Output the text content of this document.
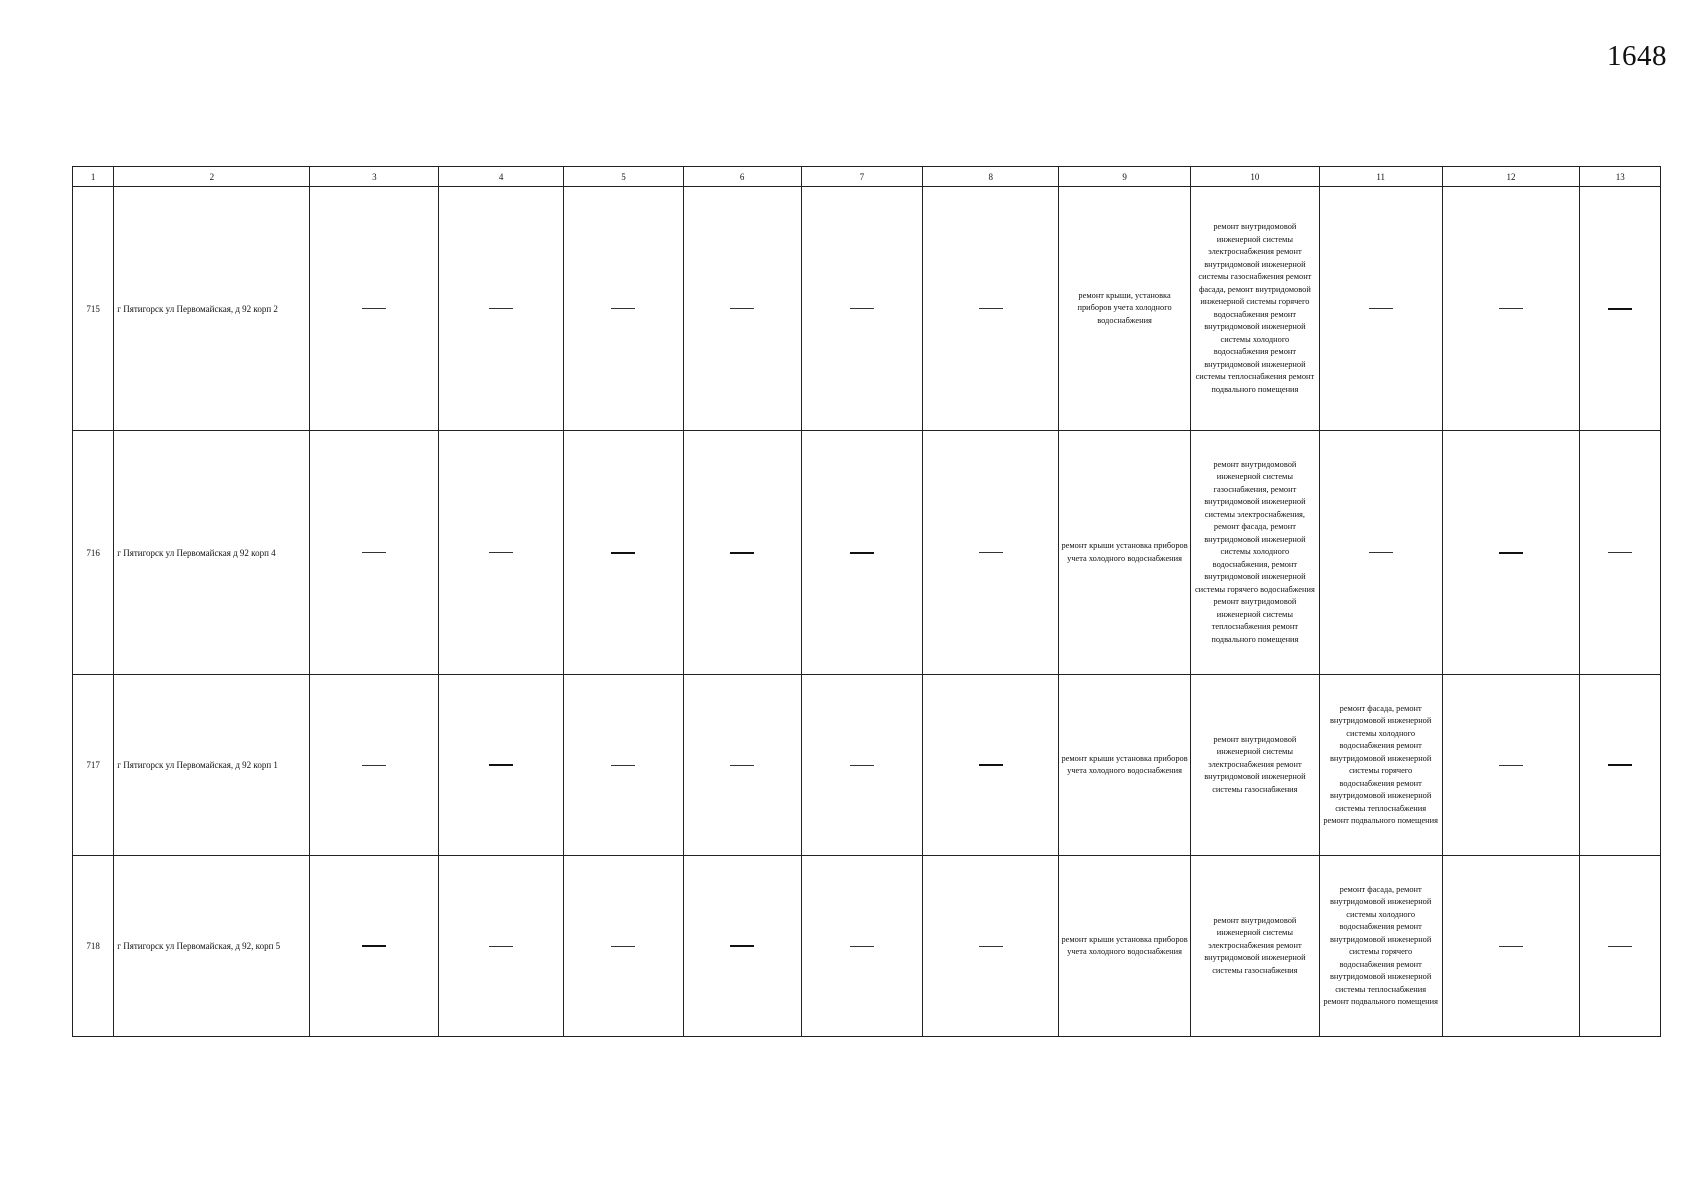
1648
1	2	3	4	5	6	7	8	9	10	11	12	13
715	г Пятигорск ул Первомайская, д 92 корп 2							ремонт крыши, установка приборов учета холодного водоснабжения	ремонт внутридомовой инженерной системы электроснабжения ремонт внутридомовой инженерной системы газоснабжения ремонт фасада, ремонт внутридомовой инженерной системы горячего водоснабжения ремонт внутридомовой инженерной системы холодного водоснабжения ремонт внутридомовой инженерной системы теплоснабжения ремонт подвального помещения			
716	г Пятигорск ул Первомайская д 92 корп 4							ремонт крыши установка приборов учета холодного водоснабжения	ремонт внутридомовой инженерной системы газоснабжения, ремонт внутридомовой инженерной системы электроснабжения, ремонт фасада, ремонт внутридомовой инженерной системы холодного водоснабжения, ремонт внутридомовой инженерной системы горячего водоснабжения ремонт внутридомовой инженерной системы теплоснабжения ремонт подвального помещения			
717	г Пятигорск ул Первомайская, д 92 корп 1							ремонт крыши установка приборов учета холодного водоснабжения	ремонт внутридомовой инженерной системы электроснабжения ремонт внутридомовой инженерной системы газоснабжения	ремонт фасада, ремонт внутридомовой инженерной системы холодного водоснабжения ремонт внутридомовой инженерной системы горячего водоснабжения ремонт внутридомовой инженерной системы теплоснабжения ремонт подвального помещения		
718	г Пятигорск ул Первомайская, д 92, корп 5							ремонт крыши установка приборов учета холодного водоснабжения	ремонт внутридомовой инженерной системы электроснабжения ремонт внутридомовой инженерной системы газоснабжения	ремонт фасада, ремонт внутридомовой инженерной системы холодного водоснабжения ремонт внутридомовой инженерной системы горячего водоснабжения ремонт внутридомовой инженерной системы теплоснабжения ремонт подвального помещения		
